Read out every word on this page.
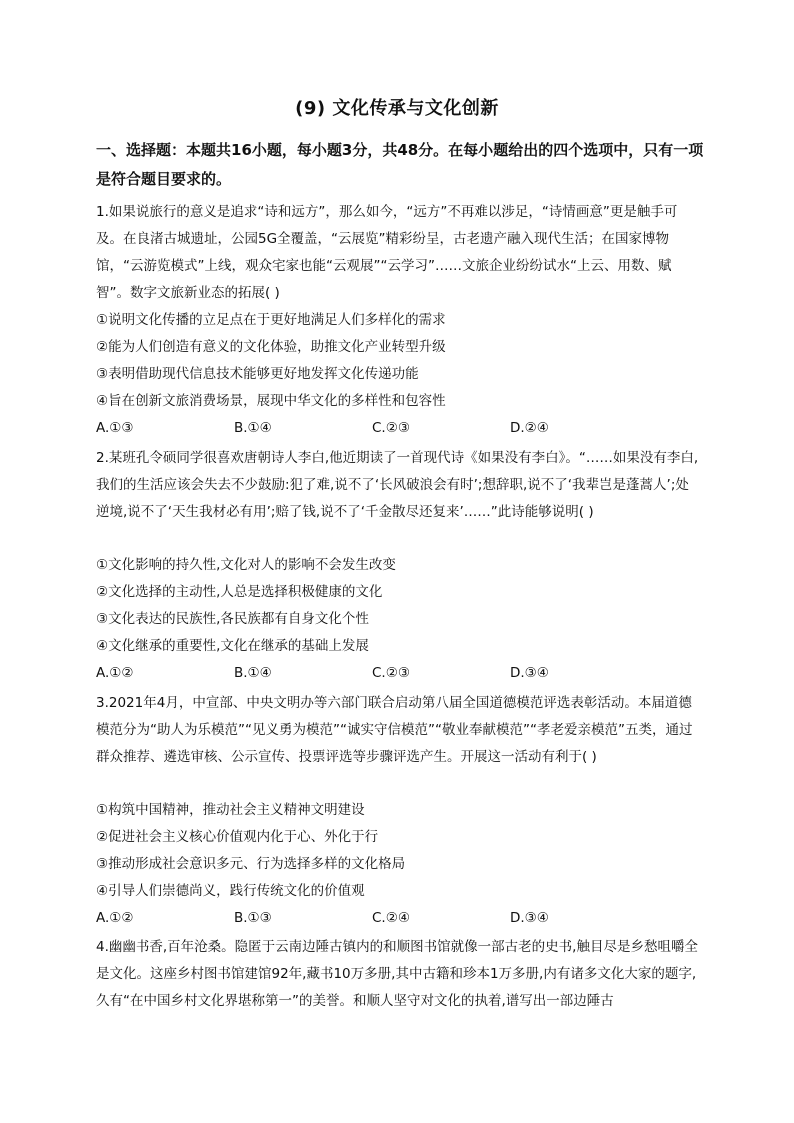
(9) 文化传承与文化创新
一、选择题：本题共16小题，每小题3分，共48分。在每小题给出的四个选项中，只有一项是符合题目要求的。
1.如果说旅行的意义是追求“诗和远方”，那么如今，“远方”不再难以涉足，“诗情画意”更是触手可及。在良渚古城遗址，公园5G全覆盖，“云展览”精彩纷呈，古老遗产融入现代生活；在国家博物馆，“云游览模式”上线，观众宅家也能“云观展”“云学习”……文旅企业纷纷试水“上云、用数、赋智”。数字文旅新业态的拓展( )
①说明文化传播的立足点在于更好地满足人们多样化的需求
②能为人们创造有意义的文化体验，助推文化产业转型升级
③表明借助现代信息技术能够更好地发挥文化传递功能
④旨在创新文旅消费场景，展现中华文化的多样性和包容性
A.①③	B.①④	C.②③	D.②④
2.某班孔令硕同学很喜欢唐朝诗人李白,他近期读了一首现代诗《如果没有李白》。“……如果没有李白,我们的生活应该会失去不少鼓励:犯了难,说不了‘长风破浪会有时’;想辞职,说不了‘我辈岂是蓬蒿人’;处逆境,说不了‘天生我材必有用’;赔了钱,说不了‘千金散尽还复来’……”此诗能够说明( )
①文化影响的持久性,文化对人的影响不会发生改变
②文化选择的主动性,人总是选择积极健康的文化
③文化表达的民族性,各民族都有自身文化个性
④文化继承的重要性,文化在继承的基础上发展
A.①②	B.①④	C.②③	D.③④
3.2021年4月，中宣部、中央文明办等六部门联合启动第八届全国道德模范评选表彰活动。本届道德模范分为“助人为乐模范”“见义勇为模范”“诚实守信模范”“敬业奉献模范”“孝老爱亲模范”五类，通过群众推荐、遴选审核、公示宣传、投票评选等步骤评选产生。开展这一活动有利于( )
①构筑中国精神，推动社会主义精神文明建设
②促进社会主义核心价值观内化于心、外化于行
③推动形成社会意识多元、行为选择多样的文化格局
④引导人们崇德尚义，践行传统文化的价值观
A.①②	B.①③	C.②④	D.③④
4.幽幽书香,百年沧桑。隐匿于云南边陲古镇内的和顺图书馆就像一部古老的史书,触目尽是乡愁咀嚼全是文化。这座乡村图书馆建馆92年,藏书10万多册,其中古籍和珍本1万多册,内有诸多文化大家的题字,久有“在中国乡村文化界堪称第一”的美誉。和顺人坚守对文化的执着,谱写出一部边陲古
